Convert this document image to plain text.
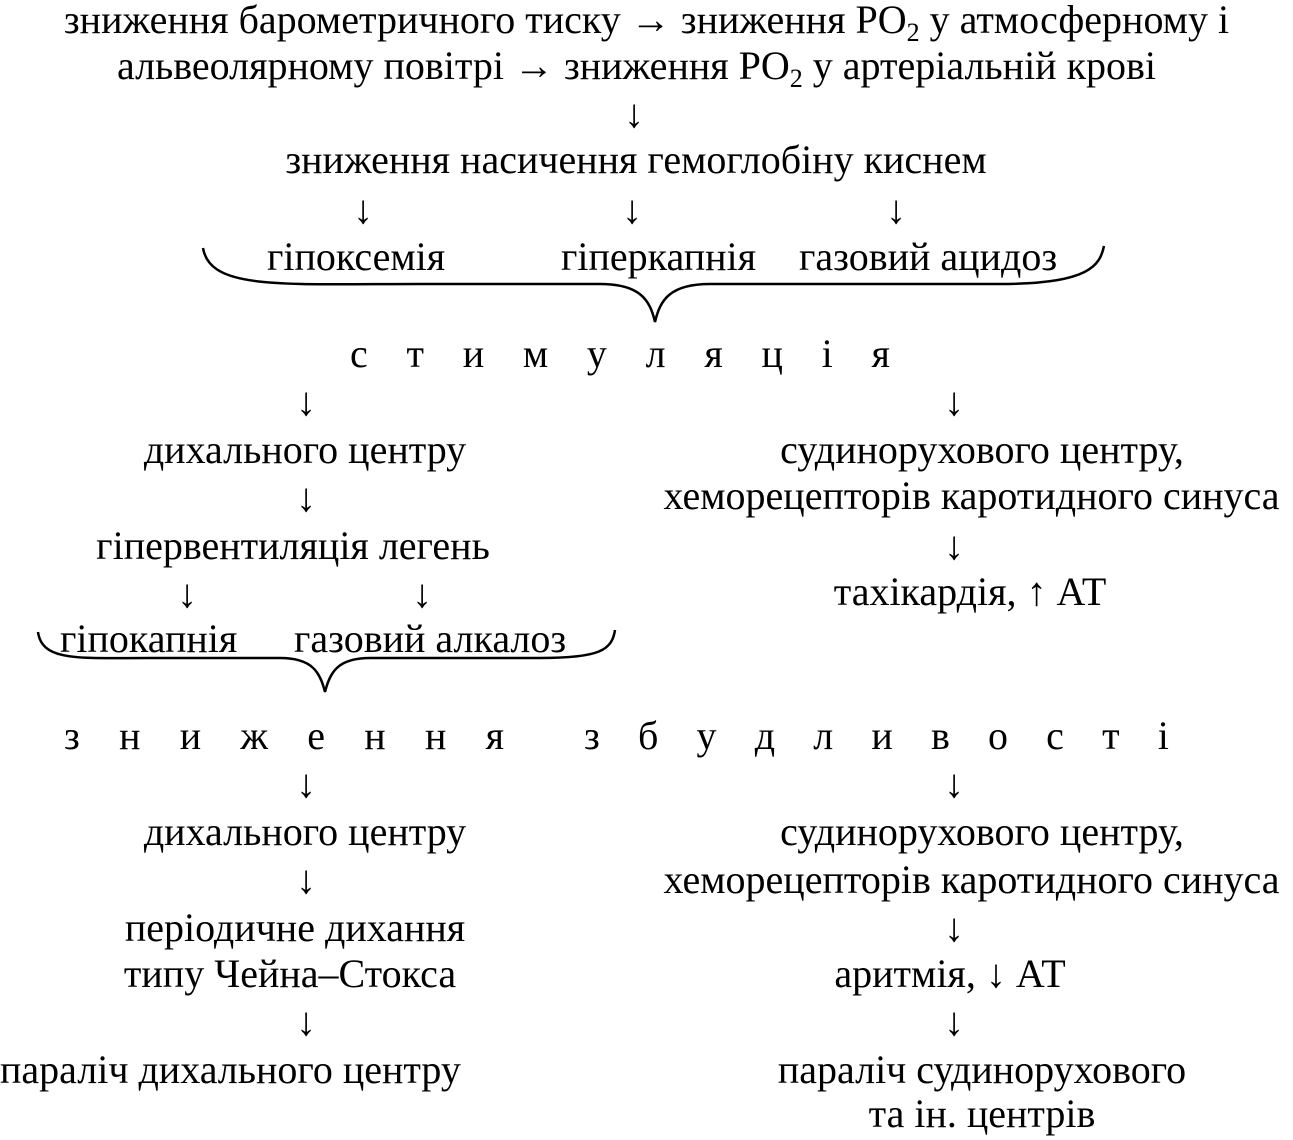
зниження барометричного тиску → зниження $PO_2$ у атмосферному і
альвеолярному повітрі → зниження $PO_2$ у артеріальній крові
↓
зниження насичення гемоглобіну киснем
↓	↓	↓
гіпоксемія	гіперкапнія газовий ацидоз
с т и м у л я ц і я
↓
дихального центру
↓
гіпервентиляція легень
↓	↓
гіпокапнія газовий алкалоз
↓
судинорухового центру,
хеморецепторів каротидного синуса
↓
тахікардія, ↑ АТ
з н и ж е н н я з б у д л и в о с т і
↓
дихального центру
↓
періодичне дихання
типу Чейна–Стокса
↓
параліч дихального центру
↓
судинорухового центру,
хеморецепторів каротидного синуса
↓
аритмія, ↓ АТ
↓
параліч судинорухового
та ін. центрів
